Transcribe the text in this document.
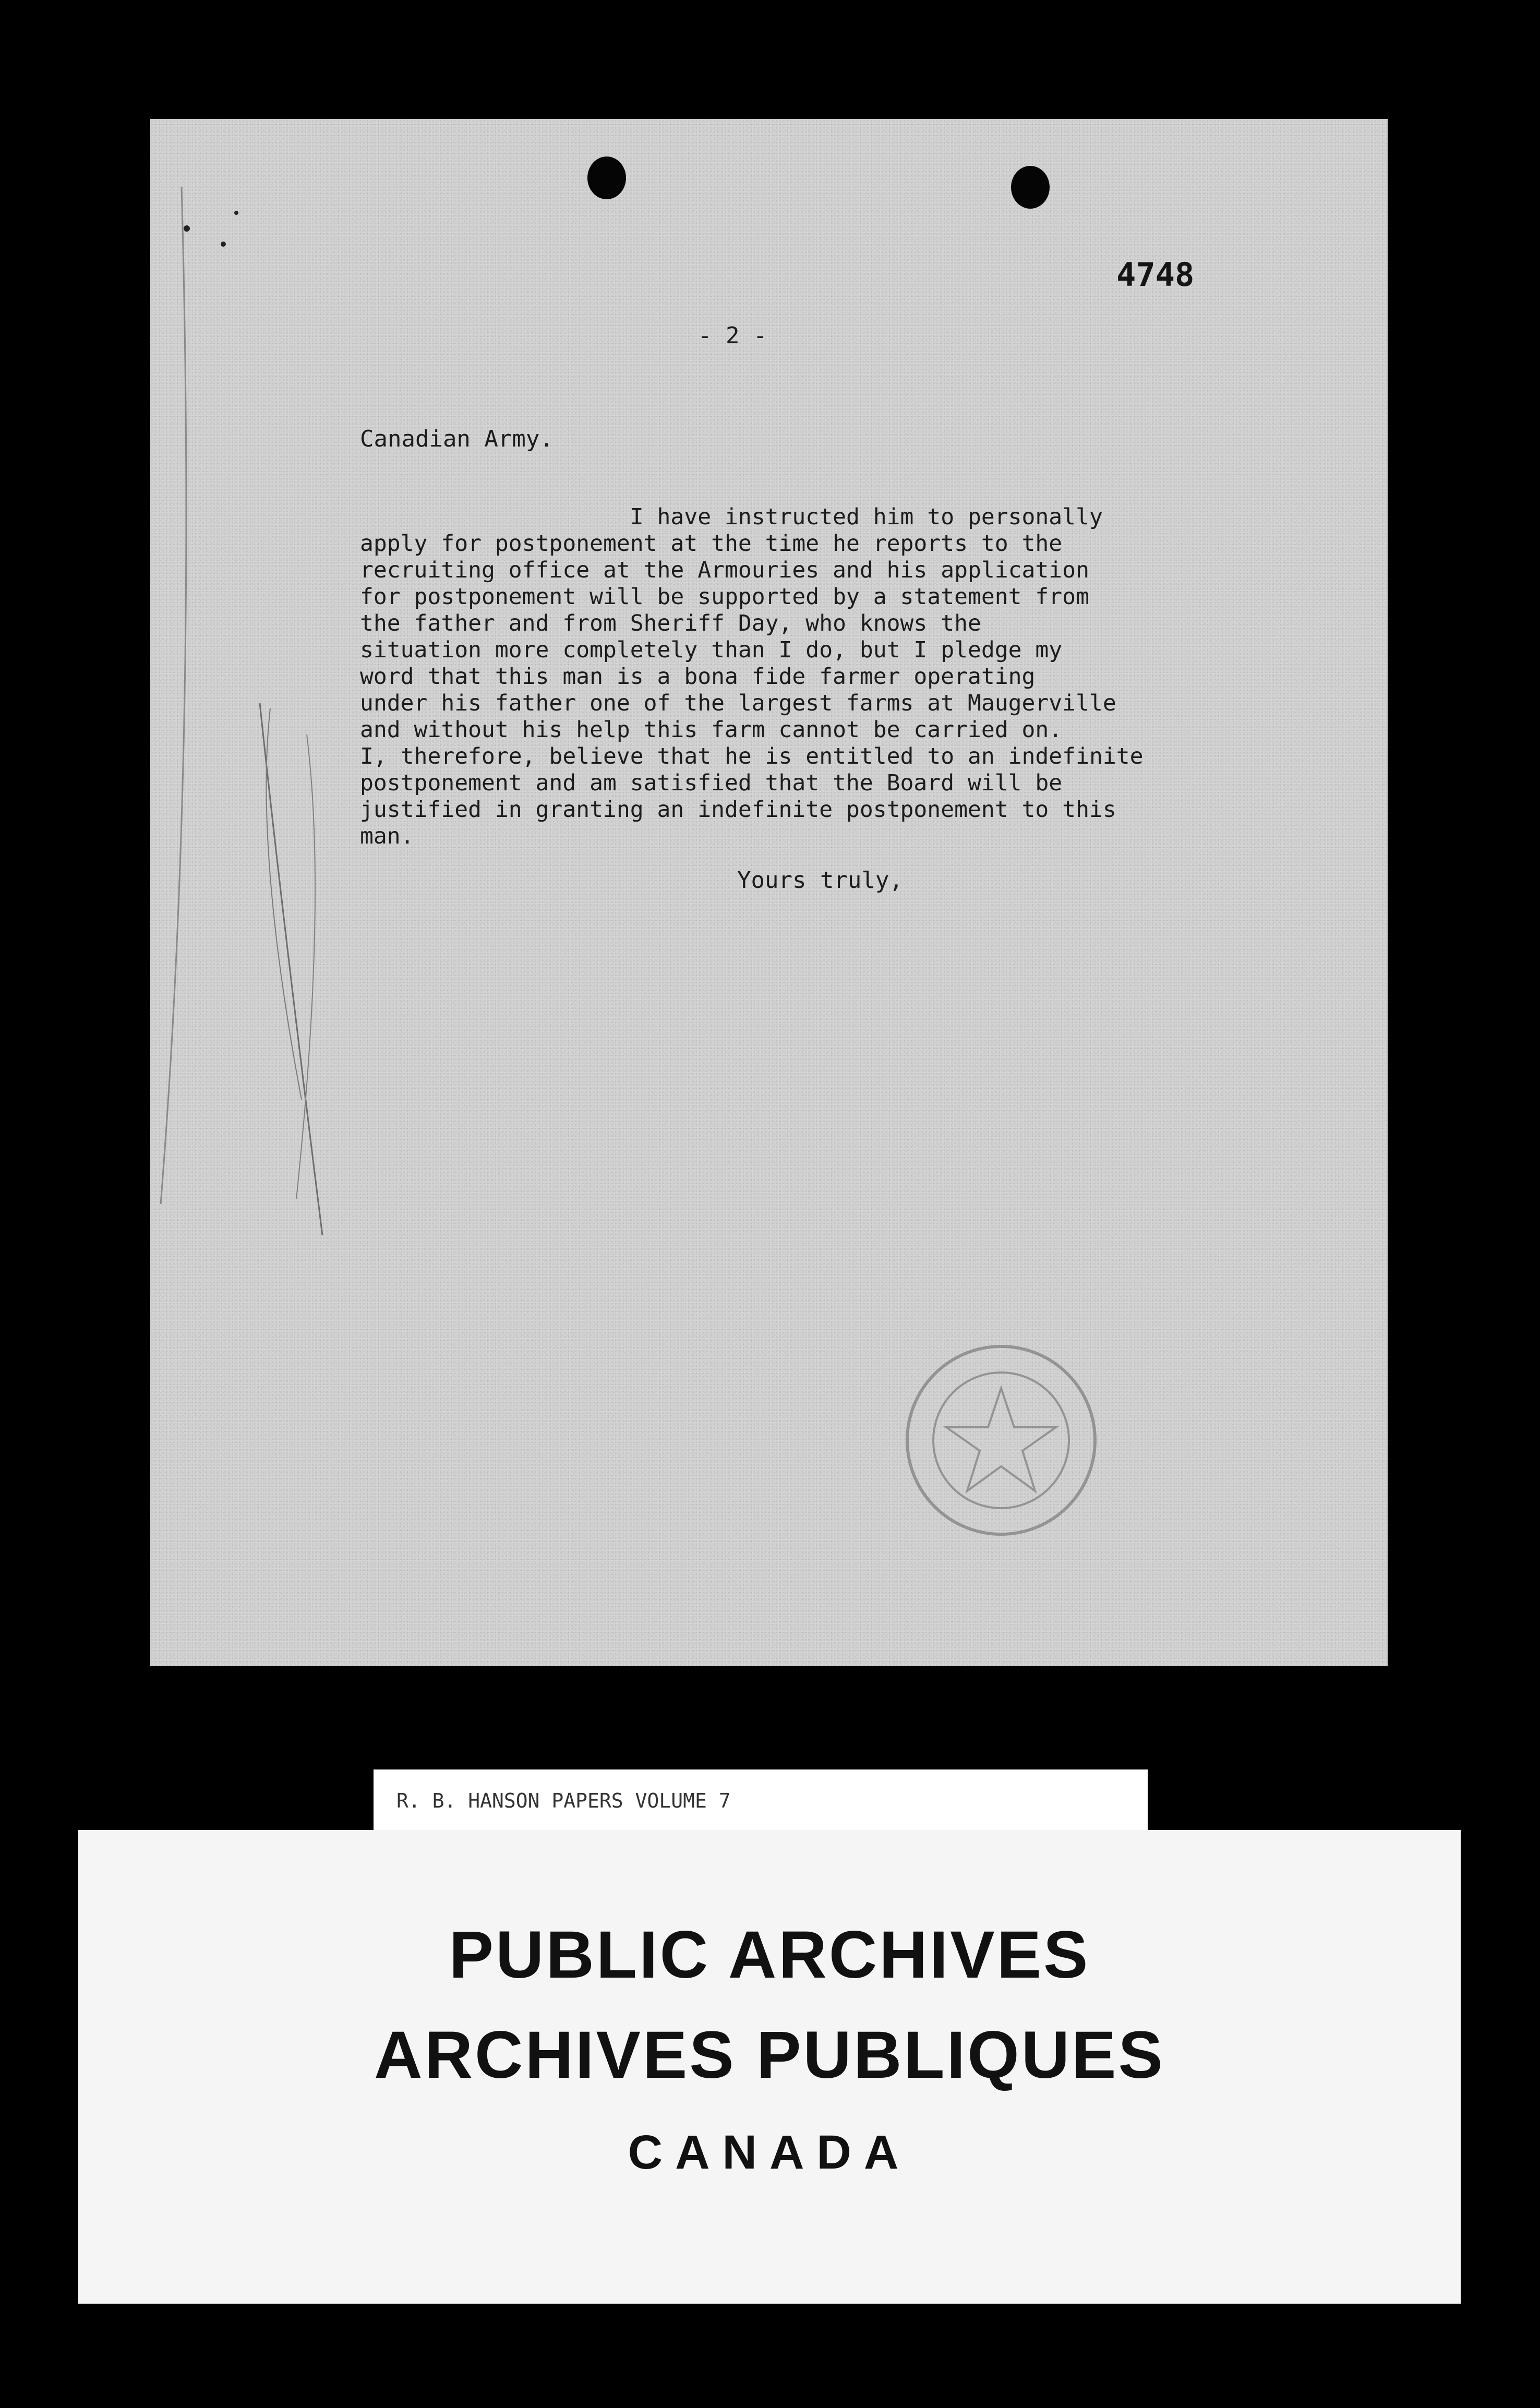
4748
- 2 -
Canadian Army.
I have instructed him to personally
apply for postponement at the time he reports to the
recruiting office at the Armouries and his application
for postponement will be supported by a statement from
the father and from Sheriff Day, who knows the
situation more completely than I do, but I pledge my
word that this man is a bona fide farmer operating
under his father one of the largest farms at Maugerville
and without his help this farm cannot be carried on.
I, therefore, believe that he is entitled to an indefinite
postponement and am satisfied that the Board will be
justified in granting an indefinite postponement to this
man.
Yours truly,
R. B. HANSON PAPERS VOLUME 7
PUBLIC ARCHIVES
ARCHIVES PUBLIQUES
CANADA
